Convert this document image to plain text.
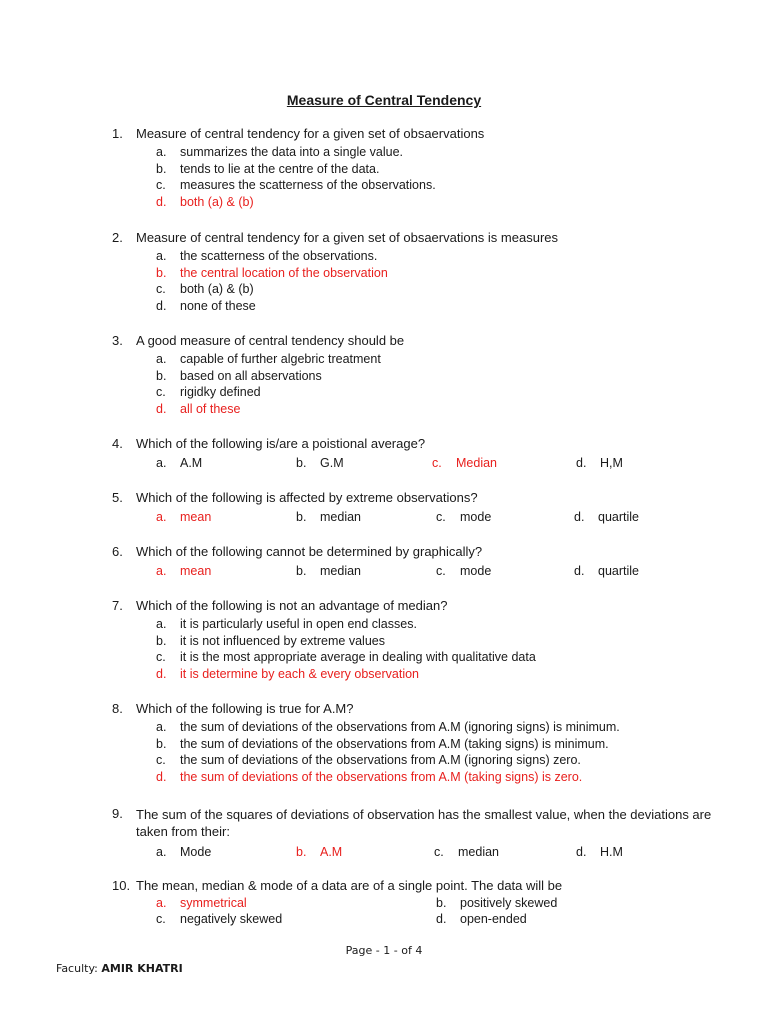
Measure of Central Tendency
1.	Measure of central tendency for a given set of obsaervations
a.	summarizes the data into a single value.
b.	tends to lie at the centre of the data.
c.	measures the scatterness of the observations.
d.	both (a) & (b)
2.	Measure of central tendency for a given set of obsaervations is measures
a.	the scatterness of the observations.
b.	the central location of the observation
c.	both (a) & (b)
d.	none of these
3.	A good measure of central tendency should be
a.	capable of further algebric treatment
b.	based on all abservations
c.	rigidky defined
d.	all of these
4.	Which of the following is/are a poistional average?
a. A.M	b. G.M	c. Median	d. H,M
5.	Which of the following is affected by extreme observations?
a. mean	b. median	c. mode	d. quartile
6.	Which of the following cannot be determined by graphically?
a. mean	b. median	c. mode	d. quartile
7.	Which of the following is not an advantage of median?
a.	it is particularly useful in open end classes.
b.	it is not influenced by extreme values
c.	it is the most appropriate average in dealing with qualitative data
d.	it is determine by each & every observation
8.	Which of the following is true for A.M?
a.	the sum of deviations of the observations from A.M (ignoring signs) is minimum.
b.	the sum of deviations of the observations from A.M (taking signs) is minimum.
c.	the sum of deviations of the observations from A.M (ignoring signs) zero.
d.	the sum of deviations of the observations from A.M (taking signs) is zero.
9.	The sum of the squares of deviations of observation has the smallest value, when the deviations are taken from their:
a. Mode	b. A.M	c. median	d. H.M
10. The mean, median & mode of a data are of a single point. The data will be
a. symmetrical	b. positively skewed
c. negatively skewed	d. open-ended
Page - 1 - of 4
Faculty: AMIR KHATRI
